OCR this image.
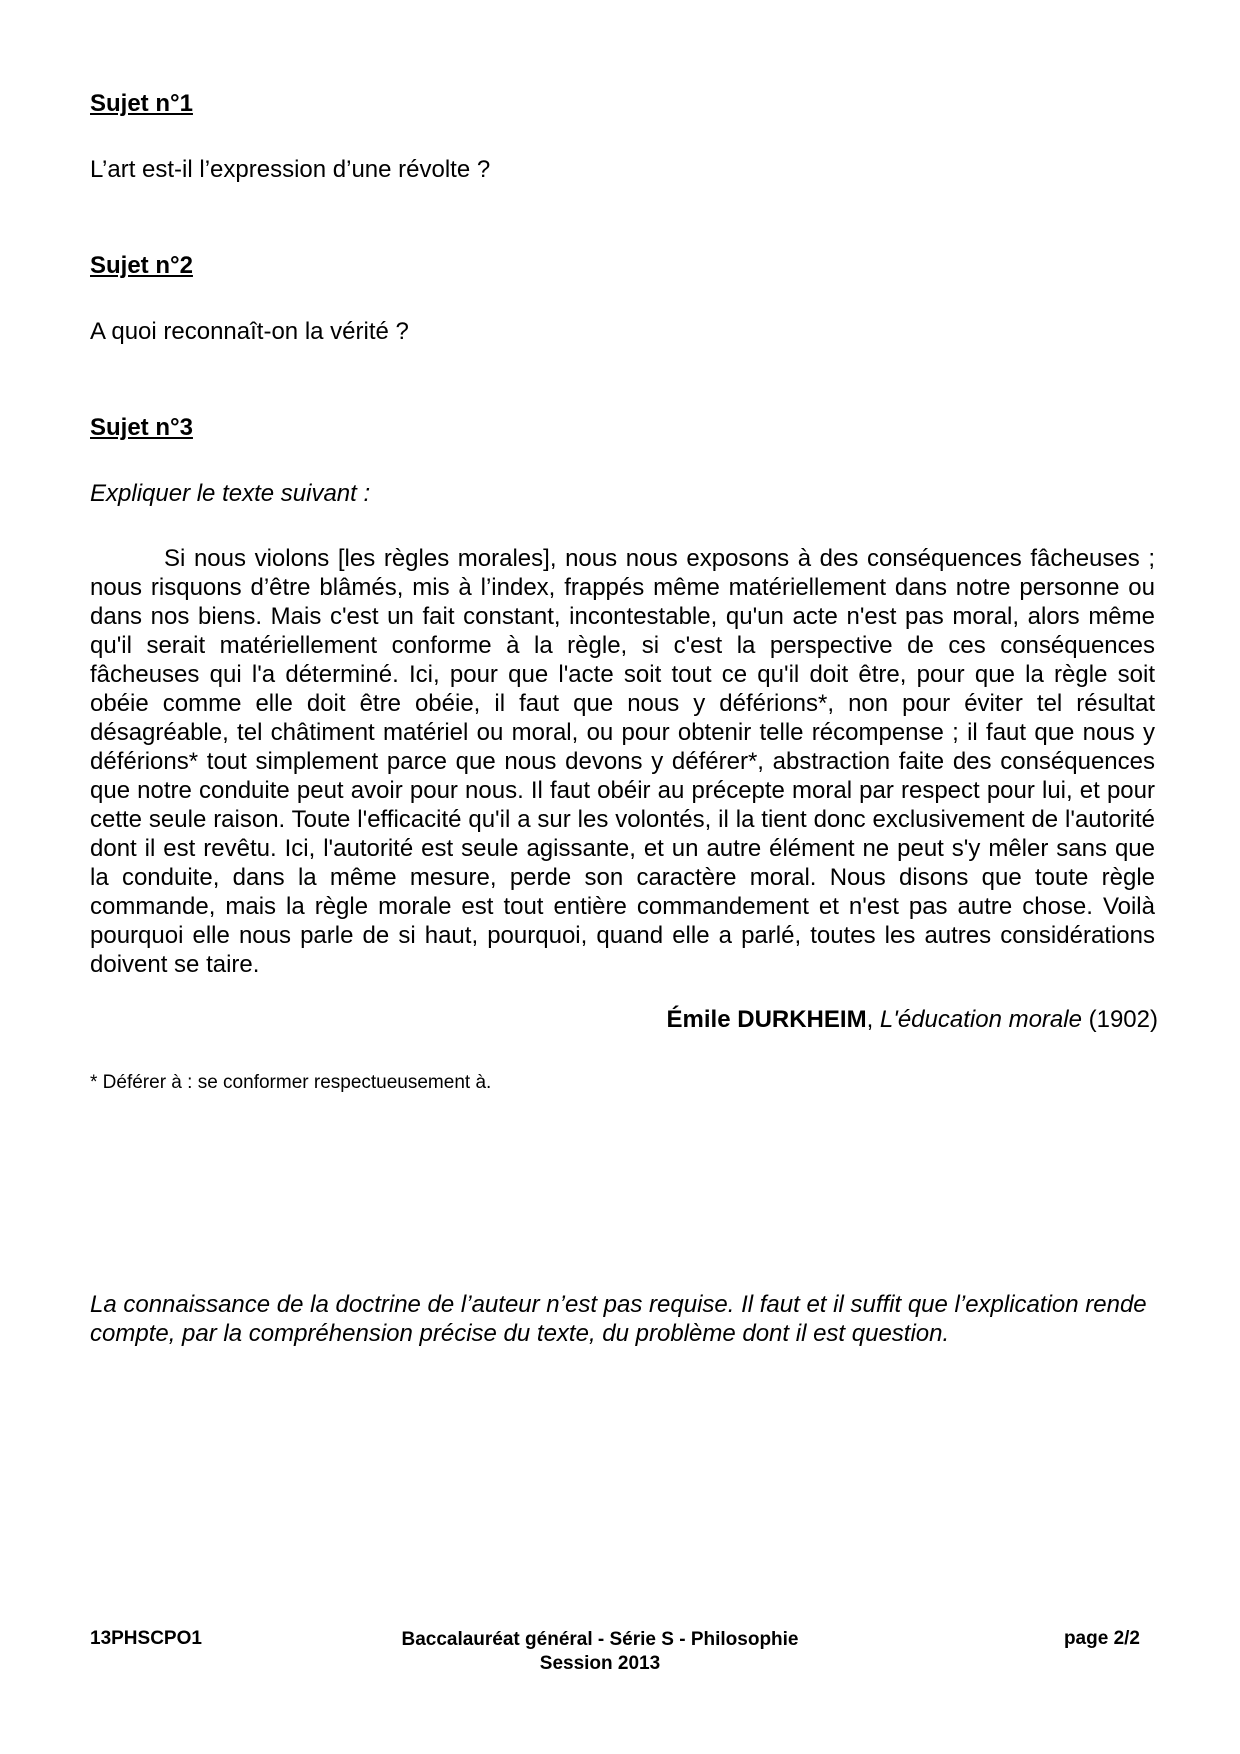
Sujet n°1
L’art est-il l’expression d’une révolte ?
Sujet n°2
A quoi reconnaît-on la vérité ?
Sujet n°3
Expliquer le texte suivant :

Si nous violons [les règles morales], nous nous exposons à des conséquences fâcheuses ; nous risquons d’être blâmés, mis à l’index, frappés même matériellement dans notre personne ou dans nos biens. Mais c'est un fait constant, incontestable, qu'un acte n'est pas moral, alors même qu'il serait matériellement conforme à la règle, si c'est la perspective de ces conséquences fâcheuses qui l'a déterminé. Ici, pour que l'acte soit tout ce qu'il doit être, pour que la règle soit obéie comme elle doit être obéie, il faut que nous y déférions*, non pour éviter tel résultat désagréable, tel châtiment matériel ou moral, ou pour obtenir telle récompense ; il faut que nous y déférions* tout simplement parce que nous devons y déférer*, abstraction faite des conséquences que notre conduite peut avoir pour nous. Il faut obéir au précepte moral par respect pour lui, et pour cette seule raison. Toute l'efficacité qu'il a sur les volontés, il la tient donc exclusivement de l'autorité dont il est revêtu. Ici, l'autorité est seule agissante, et un autre élément ne peut s'y mêler sans que la conduite, dans la même mesure, perde son caractère moral. Nous disons que toute règle commande, mais la règle morale est tout entière commandement et n'est pas autre chose. Voilà pourquoi elle nous parle de si haut, pourquoi, quand elle a parlé, toutes les autres considérations doivent se taire.

Émile DURKHEIM, L'éducation morale (1902)
* Déférer à : se conformer respectueusement à.

La connaissance de la doctrine de l’auteur n’est pas requise. Il faut et il suffit que l’explication rende compte, par la compréhension précise du texte, du problème dont il est question.

13PHSCPO1	Baccalauréat général - Série S - Philosophie
Session 2013
page 2/2
